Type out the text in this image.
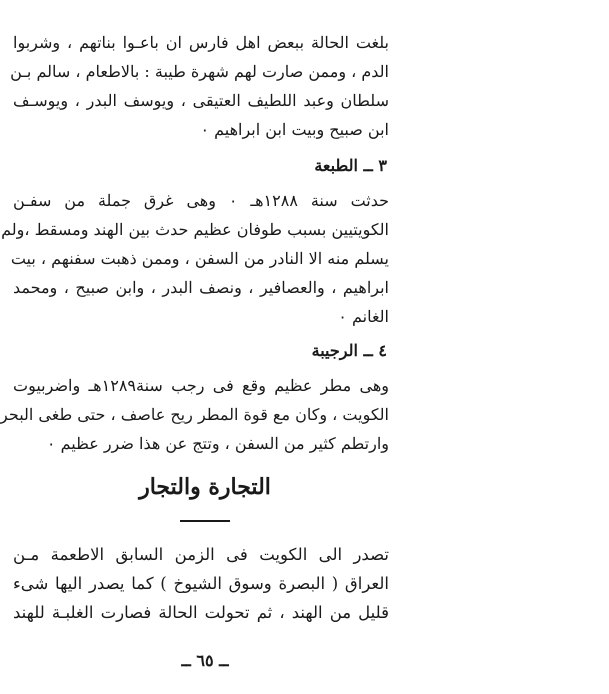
بلغت الحالة ببعض اهل فارس ان باعـوا بناتهم ، وشربوا
الدم ، وممن صارت لهم شهرة طيبة : بالاطعام ، سالم بـن
سلطان وعبد اللطيف العتيقى ، ويوسف البدر ، ويوسـف
ابن صبيح وبيت ابن ابراهيم ٠
٣ ــ الطبعة
حدثت سنة ١٢٨٨هـ ٠ وهى غرق جملة من سفـن
الكويتيين بسبب طوفان عظيم حدث بين الهند ومسقط ،ولم
يسلم منه الا النادر من السفن ، وممن ذهبت سفنهم ، بيت
ابراهيم ، والعصافير ، ونصف البدر ، وابن صبيح ، ومحمد
الغانم ٠
٤ ــ الرجيبة
وهى مطر عظيم وقع فى رجب سنة١٢٨٩هـ واضربيوت
الكويت ، وكان مع قوة المطر ريح عاصف ، حتى طغى البحر
وارتطم كثير من السفن ، وتتج عن هذا ضرر عظيم ٠
التجارة والتجار
تصدر الى الكويت فى الزمن السابق الاطعمة مـن
العراق ( البصرة وسوق الشيوخ ) كما يصدر اليها شىء
قليل من الهند ، ثم تحولت الحالة فصارت الغلبـة للهند
ــ ٦٥ ــ
